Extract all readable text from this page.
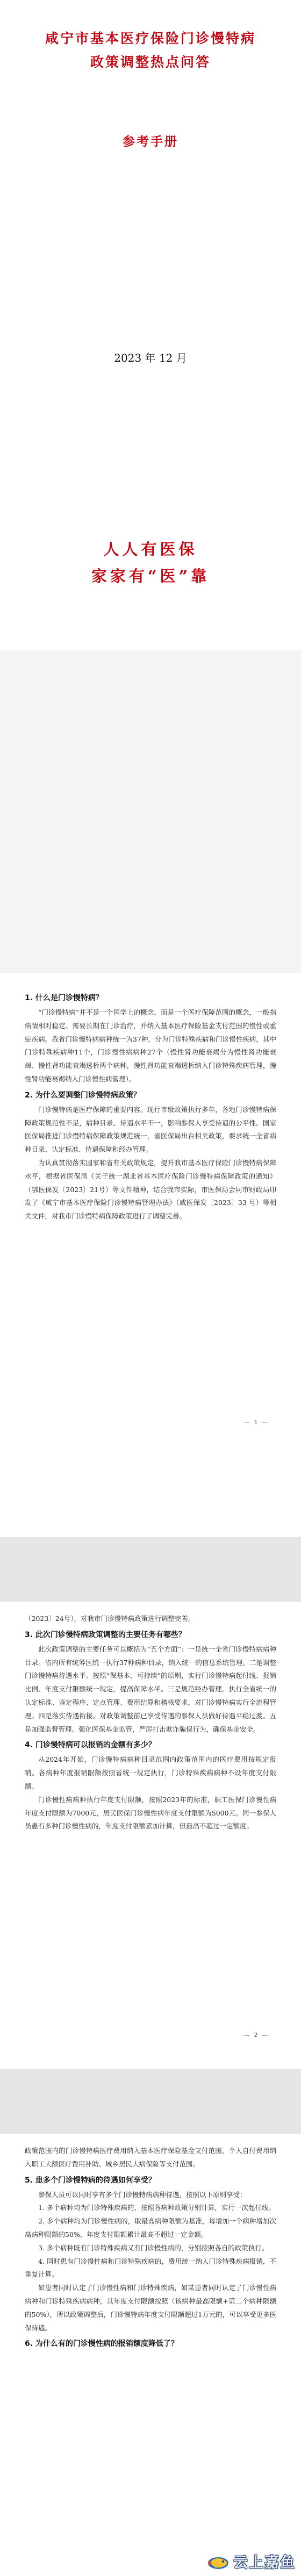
咸宁市基本医疗保险门诊慢特病
政策调整热点问答
参考手册
2023 年 12 月
人人有医保
家家有“医”靠
1. 什么是门诊慢特病？

“门诊慢特病”并不是一个医学上的概念，而是一个医疗保障范围的概念，一般指病情相对稳定、需要长期在门诊治疗，并纳入基本医疗保险基金支付范围的慢性或重症疾病。我省门诊慢特病病种统一为37种，分为门诊特殊疾病和门诊慢性疾病，其中门诊特殊疾病种11个，门诊慢性病病种27个（慢性肾功能衰竭分为慢性肾功能衰竭、慢性肾功能衰竭透析两个病种，慢性肾功能衰竭透析纳入门诊特殊疾病管理，慢性肾功能衰竭纳入门诊慢性病管理）。

2. 为什么要调整门诊慢特病政策？

门诊慢特病是医疗保障的重要内容。现行市级政策执行多年，各地门诊慢特病保障政策规范性不足，病种目录、待遇水平不一，影响参保人享受待遇的公平性。国家医保局推进门诊慢特病保障政策规范统一，省医保局出台相关政策，要求统一全省病种目录、认定标准、待遇保障和经办管理。

为认真贯彻落实国家和省有关政策规定，提升我市基本医疗保险门诊慢特病保障水平，根据省医保局《关于统一湖北省基本医疗保险门诊慢特病保障政策的通知》（鄂医保发〔2023〕21号）等文件精神，结合我市实际，市医保局会同市财政局印发了《咸宁市基本医疗保险门诊慢特病管理办法》（咸医保发〔2023〕33 号）等相关文件，对我市门诊慢特病保障政策进行了调整完善。

— 1 —

（2023〕24号），对我市门诊慢特病政策进行调整完善。

3. 此次门诊慢特病政策调整的主要任务有哪些？

此次政策调整的主要任务可以概括为“五个方面”：一是统一全省门诊慢特病病种目录。省内所有统筹区统一执行37种病种目录，纳入统一的信息系统管理。二是调整门诊慢特病待遇水平。按照“保基本、可持续”的原则，实行门诊慢特病起付线、报销比例、年度支付限额统一规定，提高保障水平。三是规范经办管理。执行全省统一的认定标准、鉴定程序、定点管理、费用结算和稽核要求，对门诊慢特病实行全流程管理。四是落实待遇衔接。对政策调整前已享受待遇的参保人员做好待遇平稳过渡。五是加强监督管理。强化医保基金监管，严厉打击欺诈骗保行为，确保基金安全。

4. 门诊慢特病可以报销的金额有多少？

从2024年开始，门诊慢特病病种目录范围内政策范围内的医疗费用按规定报销。各病种年度报销限额按照省统一规定执行，门诊特殊疾病病种不设年度支付限额。

门诊慢性病病种执行年度支付限额，按照2023年的标准，职工医保门诊慢性病年度支付限额为7000元，居民医保门诊慢性病年度支付限额为5000元。同一参保人员患有多种门诊慢性病的，年度支付限额累加计算，但最高不超过一定额度。

— 2 —

政策范围内的门诊慢特病医疗费用纳入基本医疗保险基金支付范围，个人自付费用纳入职工大额医疗费用补助、城乡居民大病保险等支付范围。

5. 患多个门诊慢特病的待遇如何享受？

参保人员可以同时享有多个门诊慢特病病种待遇，按照以下原则享受：

1. 多个病种均为门诊特殊疾病的，按照各病种政策分别计算，实行一次起付线。

2. 多个病种均为门诊慢性病的，取最高病种限额为基准，每增加一个病种增加次高病种限额的50%，年度支付限额累计最高不超过一定金额。

3. 多个病种既有门诊特殊疾病又有门诊慢性病的，分别按照各自的政策执行。

4. 同时患有门诊慢性病和门诊特殊疾病的，费用统一纳入门诊特殊疾病报销，不重复计算。

如患者同时认定了门诊慢性病和门诊特殊疾病，如某患者同时认定了门诊慢性病病种和门诊特殊疾病病种，其年度支付限额按照（该病种最高限额+第二个病种限额的50%），所以政策调整后，门诊慢特病年度支付限额超过1万元的，可以享受更多医保待遇。

6. 为什么有的门诊慢性病的报销额度降低了？
云上嘉鱼
